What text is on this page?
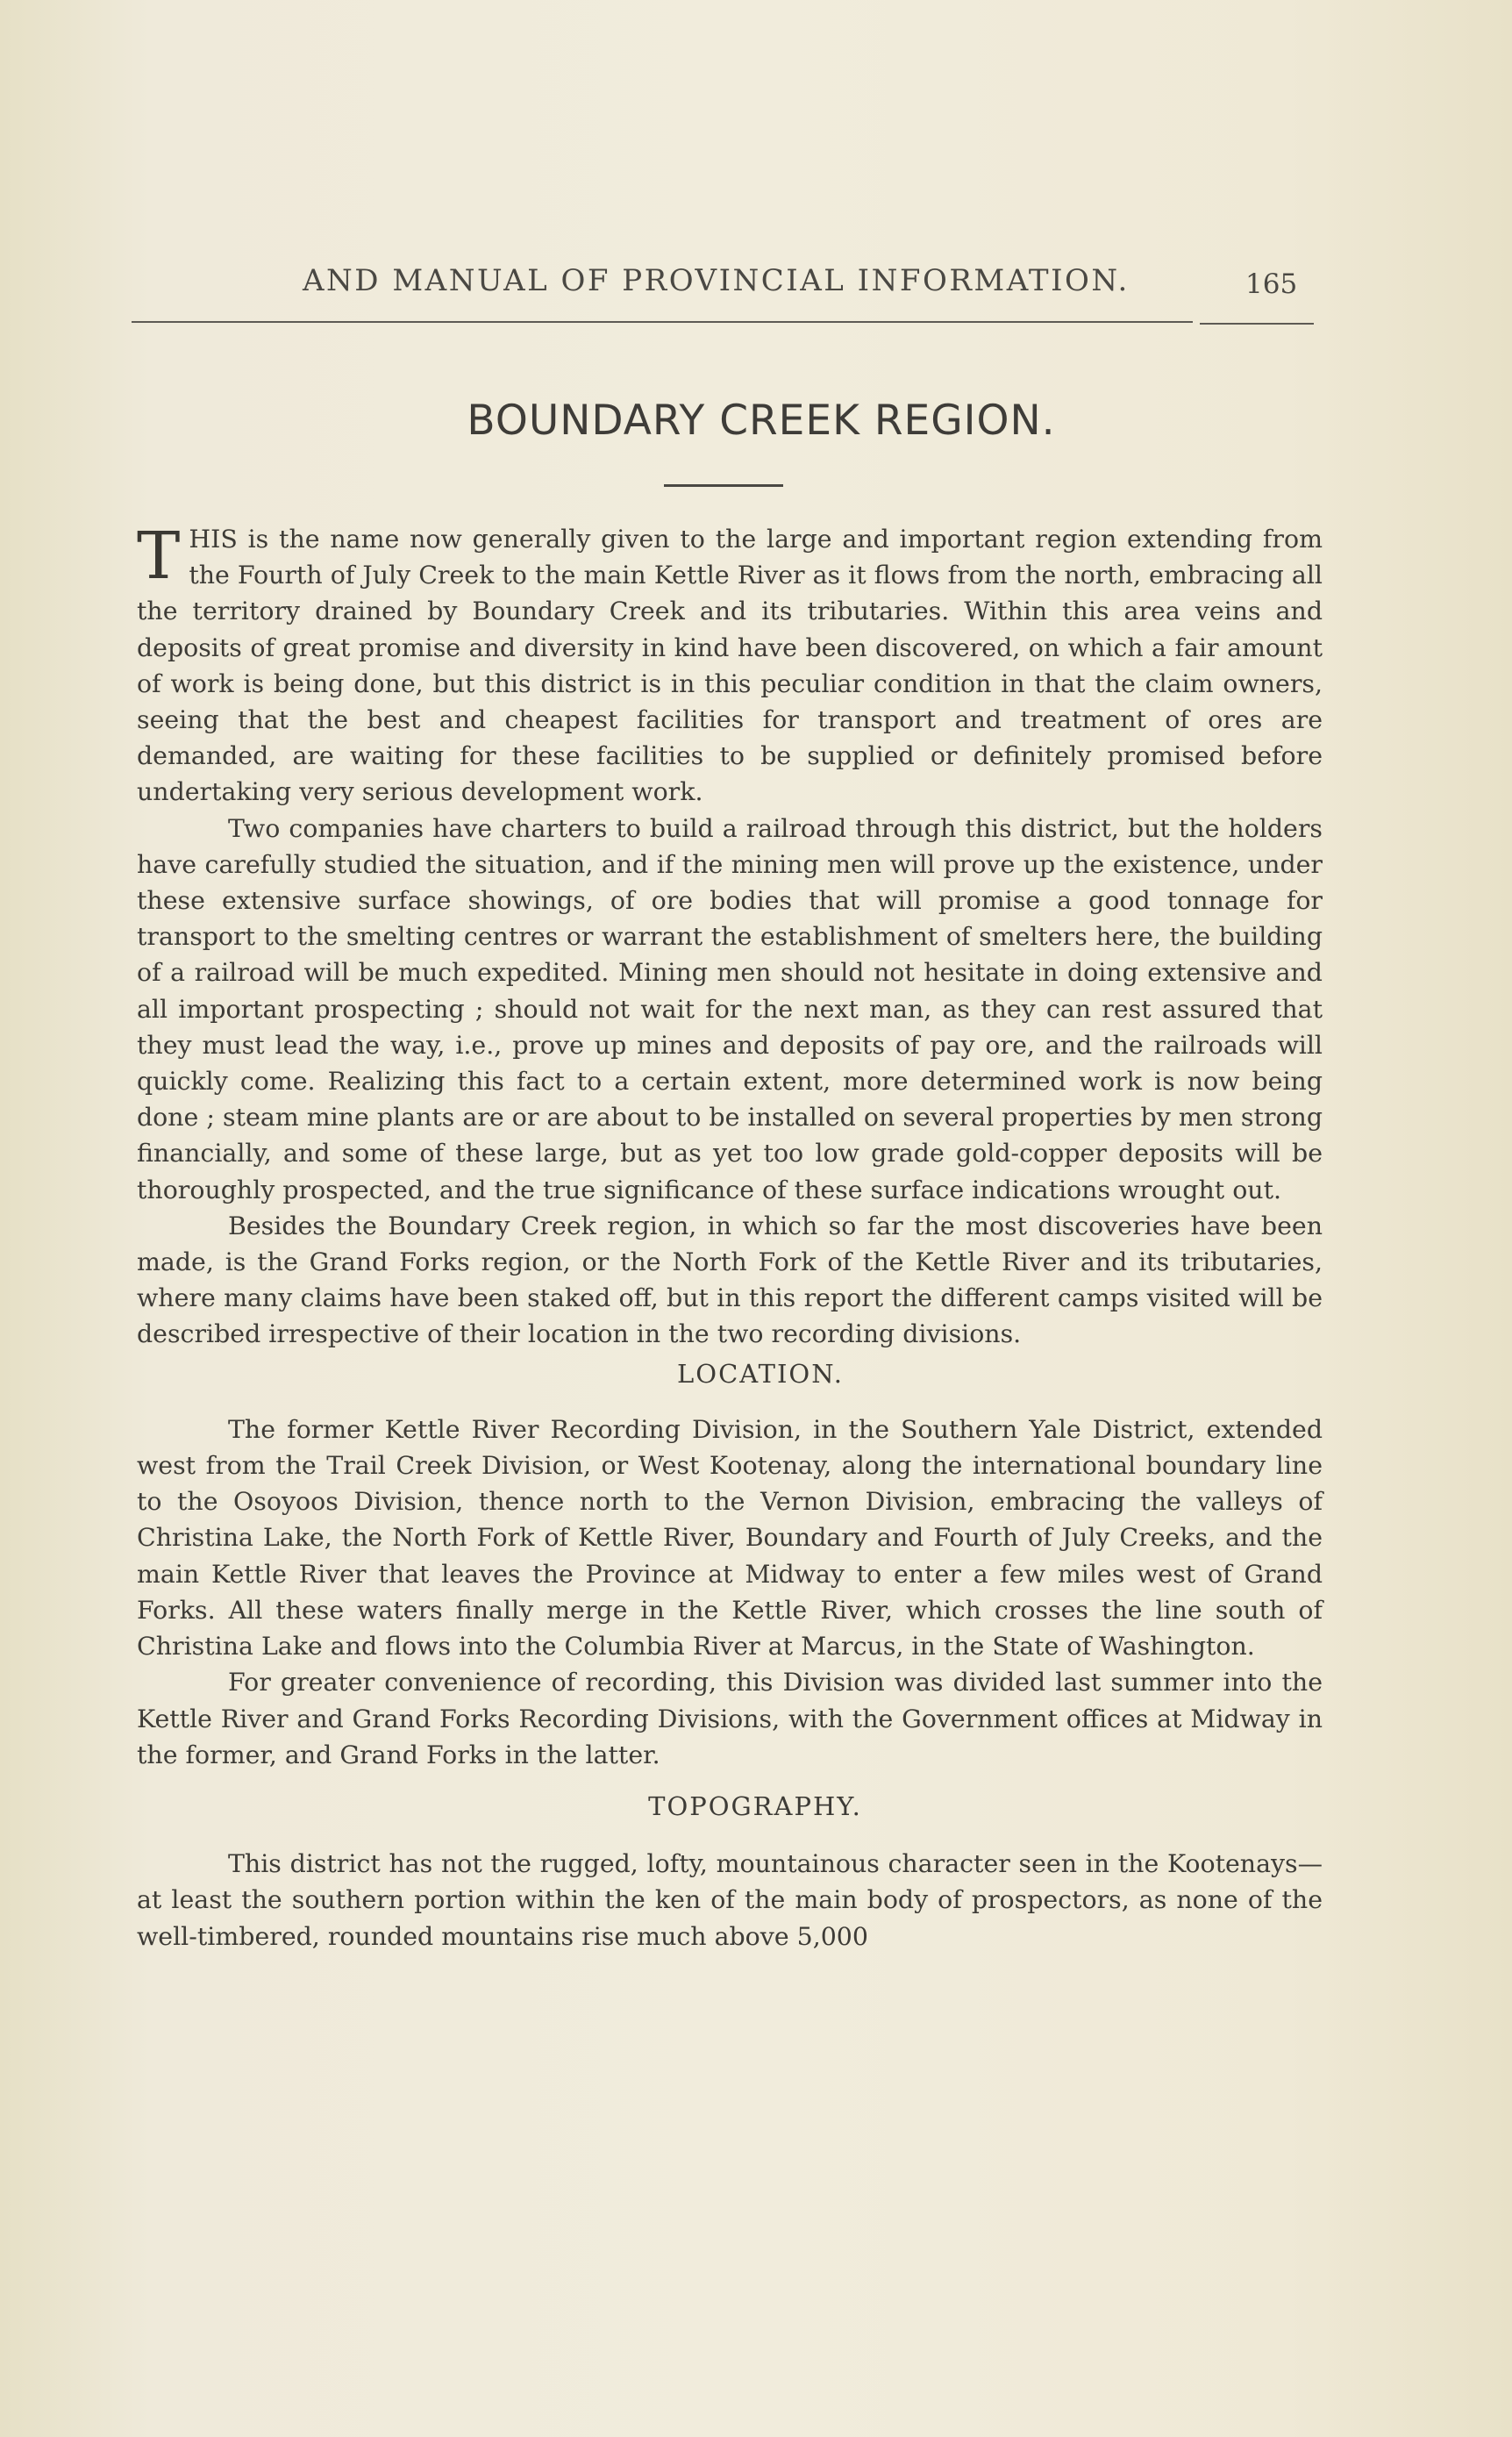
AND MANUAL OF PROVINCIAL INFORMATION.	165
BOUNDARY CREEK REGION.

THIS is the name now generally given to the large and important region extending from the Fourth of July Creek to the main Kettle River as it flows from the north, embracing all the territory drained by Boundary Creek and its tributaries. Within this area veins and deposits of great promise and diversity in kind have been discovered, on which a fair amount of work is being done, but this district is in this peculiar condition in that the claim owners, seeing that the best and cheapest facilities for transport and treatment of ores are demanded, are waiting for these facilities to be supplied or definitely promised before undertaking very serious development work.

Two companies have charters to build a railroad through this district, but the holders have carefully studied the situation, and if the mining men will prove up the existence, under these extensive surface showings, of ore bodies that will promise a good tonnage for transport to the smelting centres or warrant the establishment of smelters here, the building of a railroad will be much expedited. Mining men should not hesitate in doing extensive and all important prospecting ; should not wait for the next man, as they can rest assured that they must lead the way, i.e., prove up mines and deposits of pay ore, and the railroads will quickly come. Realizing this fact to a certain extent, more determined work is now being done ; steam mine plants are or are about to be installed on several properties by men strong financially, and some of these large, but as yet too low grade gold-copper deposits will be thoroughly prospected, and the true significance of these surface indications wrought out.

Besides the Boundary Creek region, in which so far the most discoveries have been made, is the Grand Forks region, or the North Fork of the Kettle River and its tributaries, where many claims have been staked off, but in this report the different camps visited will be described irrespective of their location in the two recording divisions.

LOCATION.

The former Kettle River Recording Division, in the Southern Yale District, extended west from the Trail Creek Division, or West Kootenay, along the international boundary line to the Osoyoos Division, thence north to the Vernon Division, embracing the valleys of Christina Lake, the North Fork of Kettle River, Boundary and Fourth of July Creeks, and the main Kettle River that leaves the Province at Midway to enter a few miles west of Grand Forks. All these waters finally merge in the Kettle River, which crosses the line south of Christina Lake and flows into the Columbia River at Marcus, in the State of Washington.

For greater convenience of recording, this Division was divided last summer into the Kettle River and Grand Forks Recording Divisions, with the Government offices at Midway in the former, and Grand Forks in the latter.

TOPOGRAPHY.

This district has not the rugged, lofty, mountainous character seen in the Kootenays—at least the southern portion within the ken of the main body of prospectors, as none of the well-timbered, rounded mountains rise much above 5,000
